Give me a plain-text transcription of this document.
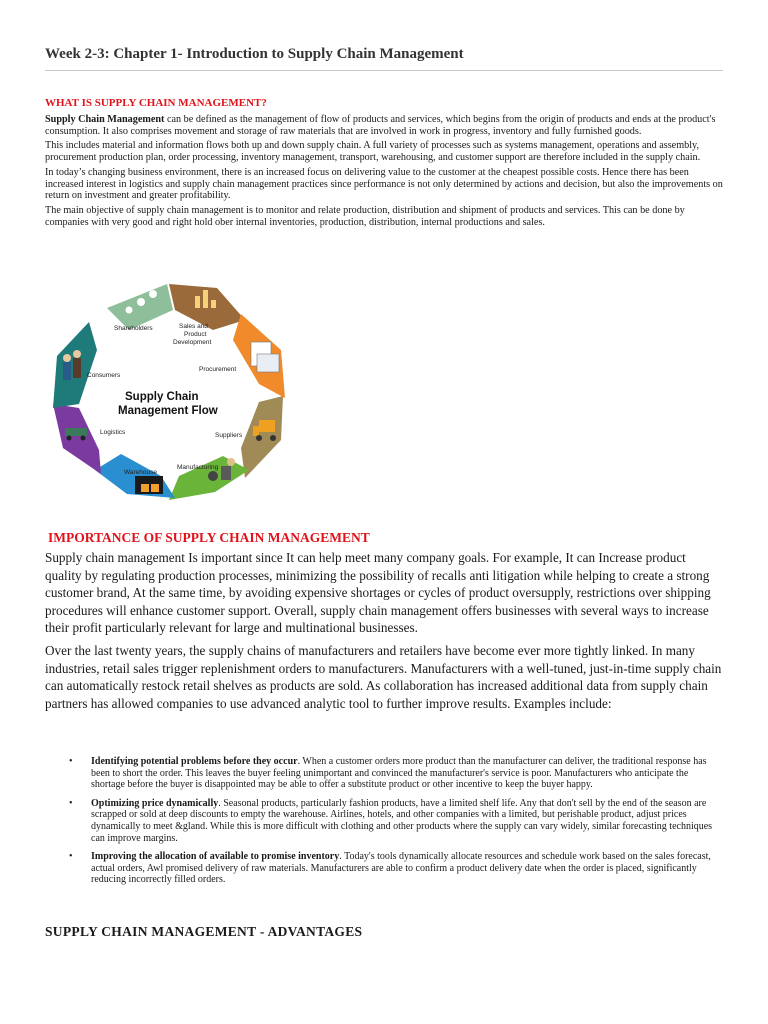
Week 2-3: Chapter 1- Introduction to Supply Chain Management
WHAT IS SUPPLY CHAIN MANAGEMENT?

Supply Chain Management can be defined as the management of flow of products and services, which begins from the origin of products and ends at the product's consumption. It also comprises movement and storage of raw materials that are involved in work in progress, inventory and fully furnished goods.

This includes material and information flows both up and down supply chain. A full variety of processes such as systems management, operations and assembly, procurement production plan, order processing, inventory management, transport, warehousing, and customer support are therefore included in the supply chain.

In today’s changing business environment, there is an increased focus on delivering value to the customer at the cheapest possible costs. Hence there has been increased interest in logistics and supply chain management practices since performance is not only determined by actions and decision, but also the improvements on return on investment and greater profitability.

The main objective of supply chain management is to monitor and relate production, distribution and shipment of products and services. This can be done by companies with very good and right hold ober internal inventories, production, distribution, internal productions and sales.

Shareholders	Sales and
Product
Development
Procurement
Suppliers
Manufacturing
Warehouse
Logistics
Consumers
Supply Chain
Management Flow
IMPORTANCE OF SUPPLY CHAIN MANAGEMENT

Supply chain management Is important since It can help meet many company goals. For example, It can Increase product quality by regulating production processes, minimizing the possibility of recalls anti litigation while helping to create a strong customer brand, At the same time, by avoiding expensive shortages or cycles of product oversupply, restrictions over shipping procedures will enhance customer support. Overall, supply chain management offers businesses with several ways to increase their profit particularly relevant for large and multinational businesses.

Over the last twenty years, the supply chains of manufacturers and retailers have become ever more tightly linked. In many industries, retail sales trigger replenishment orders to manufacturers. Manufacturers with a well-tuned, just-in-time supply chain can automatically restock retail shelves as products are sold. As collaboration has increased additional data from supply chain partners has allowed companies to use advanced analytic tool to further improve results. Examples include:

• Identifying potential problems before they occur. When a customer orders more product than the manufacturer can deliver, the traditional response has been to short the order. This leaves the buyer feeling unimportant and convinced the manufacturer's service is poor. Manufacturers who anticipate the shortage before the buyer is disappointed may be able to offer a substitute product or other incentive to keep the buyer happy.
• Optimizing price dynamically. Seasonal products, particularly fashion products, have a limited shelf life. Any that don't sell by the end of the season are scrapped or sold at deep discounts to empty the warehouse. Airlines, hotels, and other companies with a limited, but perishable product, adjust prices dynamically to meet &gland. While this is more difficult with clothing and other products where the supply can vary widely, similar forecasting techniques can improve margins.
• Improving the allocation of available to promise inventory. Today's tools dynamically allocate resources and schedule work based on the sales forecast, actual orders, Awl promised delivery of raw materials. Manufacturers are able to confirm a product delivery date when the order is placed, significantly reducing incorrectly filled orders.
SUPPLY CHAIN MANAGEMENT - ADVANTAGES
